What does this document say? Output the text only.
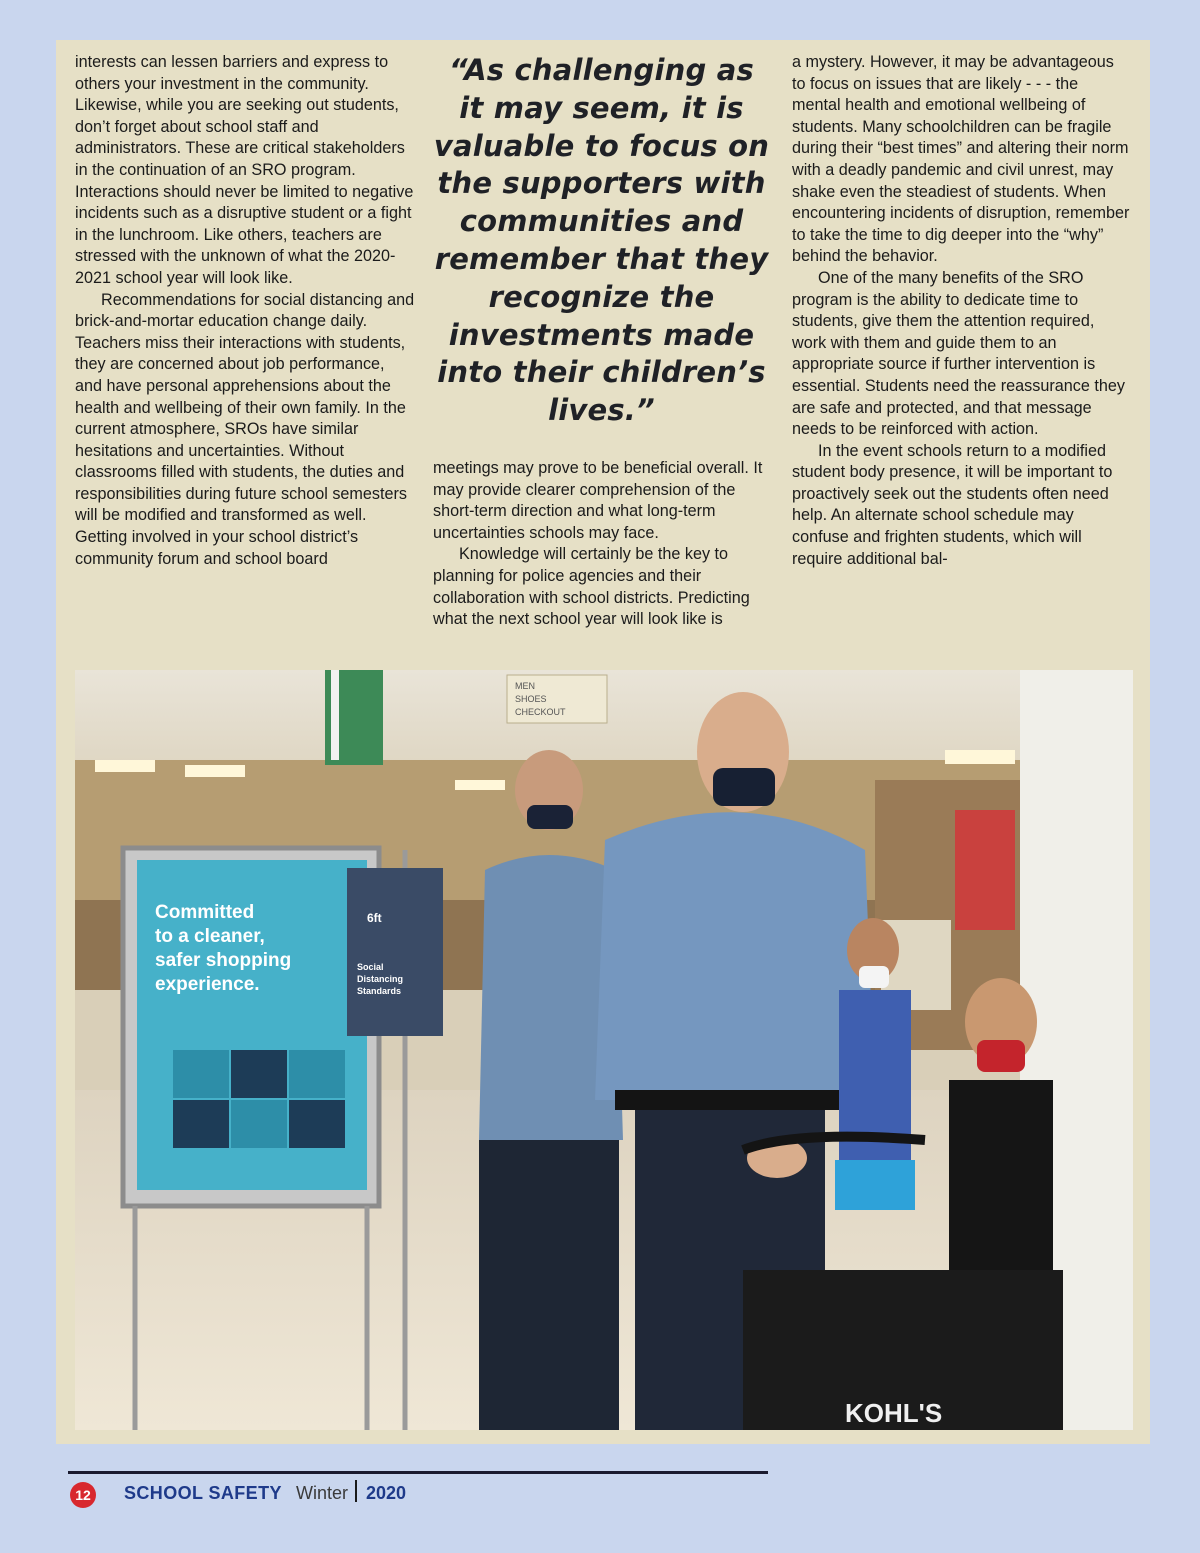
interests can lessen barriers and express to others your investment in the community. Likewise, while you are seeking out students, don’t forget about school staff and administrators. These are critical stakeholders in the continuation of an SRO program. Interactions should never be limited to negative incidents such as a disruptive student or a fight in the lunchroom. Like others, teachers are stressed with the unknown of what the 2020-2021 school year will look like.

Recommendations for social distancing and brick-and-mortar education change daily. Teachers miss their interactions with students, they are concerned about job performance, and have personal apprehensions about the health and wellbeing of their own family. In the current atmosphere, SROs have similar hesitations and uncertainties. Without classrooms filled with students, the duties and responsibilities during future school semesters will be modified and transformed as well. Getting involved in your school district’s community forum and school board

“As challenging as it may seem, it is valuable to focus on the supporters with communities and remember that they recognize the investments made into their children’s lives.”

meetings may prove to be beneficial overall. It may provide clearer comprehension of the short-term direction and what long-term uncertainties schools may face.

Knowledge will certainly be the key to planning for police agencies and their collaboration with school districts. Predicting what the next school year will look like is

a mystery. However, it may be advantageous to focus on issues that are likely - - - the mental health and emotional wellbeing of students. Many schoolchildren can be fragile during their “best times” and altering their norm with a deadly pandemic and civil unrest, may shake even the steadiest of students. When encountering incidents of disruption, remember to take the time to dig deeper into the “why” behind the behavior.

One of the many benefits of the SRO program is the ability to dedicate time to students, give them the attention required, work with them and guide them to an appropriate source if further intervention is essential. Students need the reassurance they are safe and protected, and that message needs to be reinforced with action.

In the event schools return to a modified student body presence, it will be important to proactively seek out the students often need help. An alternate school schedule may confuse and frighten students, which will require additional bal-

MEN
SHOES
CHECKOUT
Committed
to a cleaner,
safer shopping
experience.
6ft
Social
Distancing
Standards
KOHL'S
12 SCHOOL SAFETY Winter 2020
